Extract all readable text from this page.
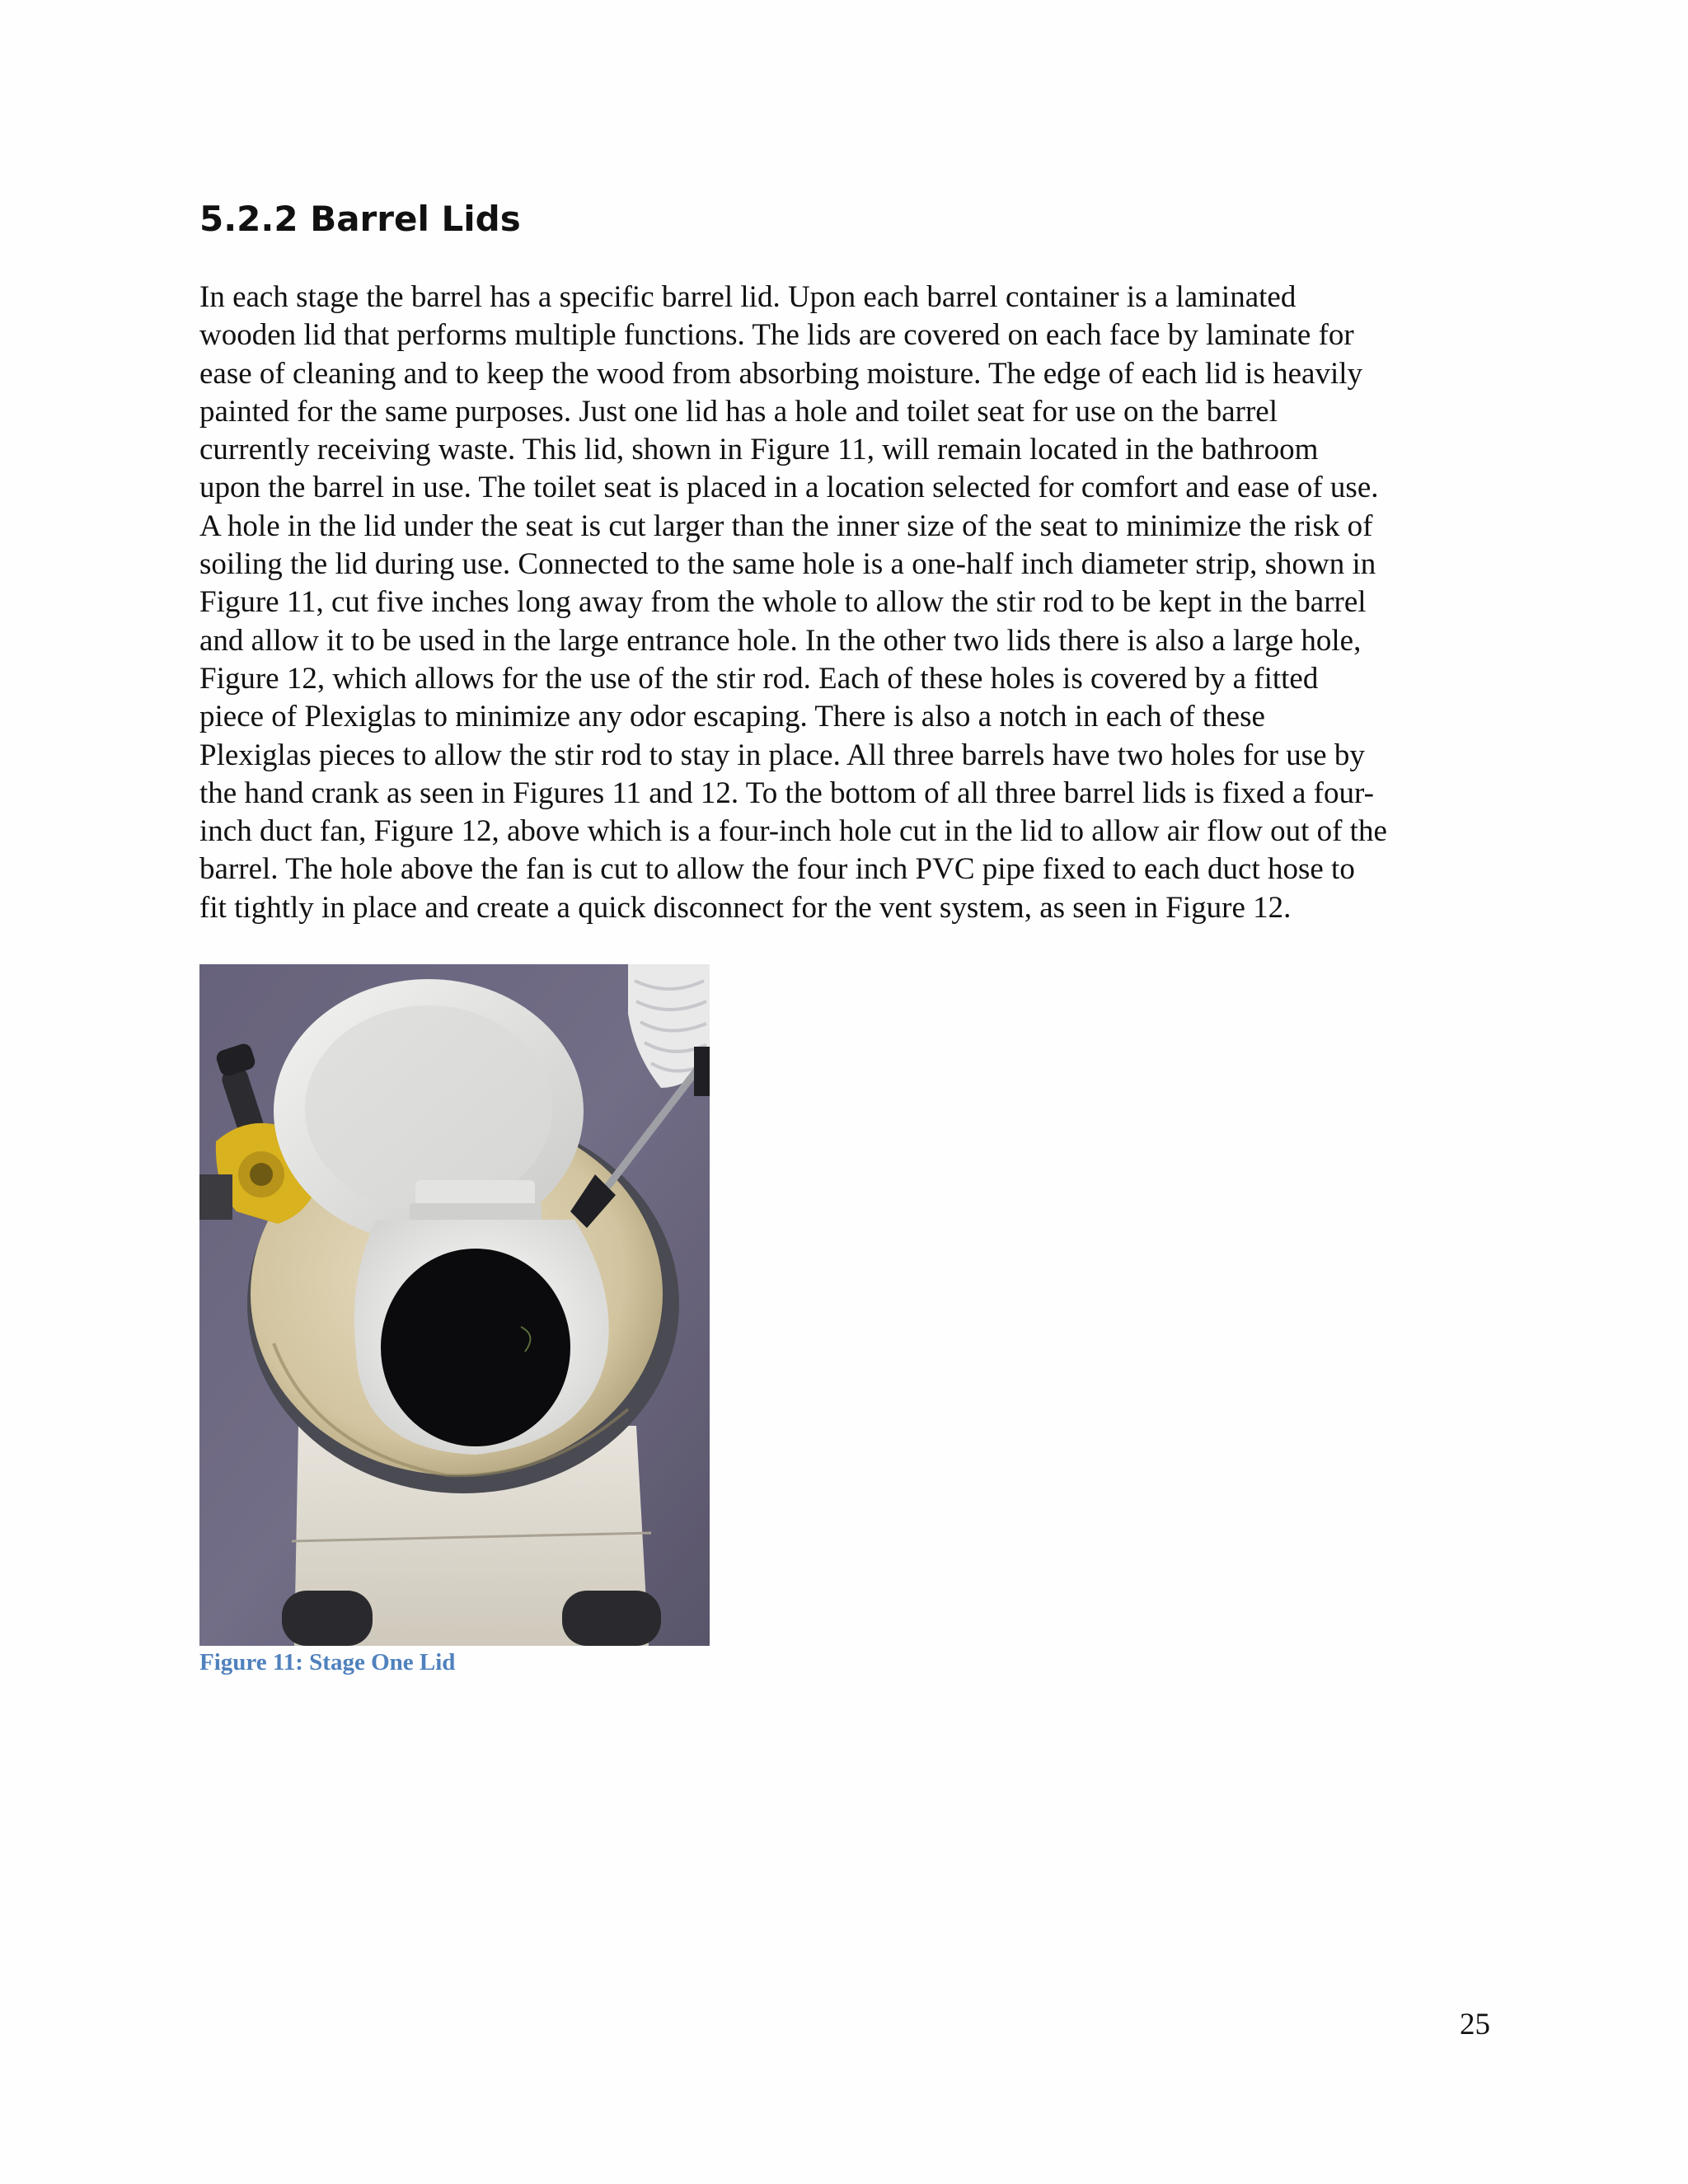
5.2.2 Barrel Lids
In each stage the barrel has a specific barrel lid. Upon each barrel container is a laminated
wooden lid that performs multiple functions. The lids are covered on each face by laminate for
ease of cleaning and to keep the wood from absorbing moisture. The edge of each lid is heavily
painted for the same purposes. Just one lid has a hole and toilet seat for use on the barrel
currently receiving waste. This lid, shown in Figure 11, will remain located in the bathroom
upon the barrel in use. The toilet seat is placed in a location selected for comfort and ease of use.
A hole in the lid under the seat is cut larger than the inner size of the seat to minimize the risk of
soiling the lid during use. Connected to the same hole is a one-half inch diameter strip, shown in
Figure 11, cut five inches long away from the whole to allow the stir rod to be kept in the barrel
and allow it to be used in the large entrance hole. In the other two lids there is also a large hole,
Figure 12, which allows for the use of the stir rod. Each of these holes is covered by a fitted
piece of Plexiglas to minimize any odor escaping. There is also a notch in each of these
Plexiglas pieces to allow the stir rod to stay in place. All three barrels have two holes for use by
the hand crank as seen in Figures 11 and 12. To the bottom of all three barrel lids is fixed a four-
inch duct fan, Figure 12, above which is a four-inch hole cut in the lid to allow air flow out of the
barrel. The hole above the fan is cut to allow the four inch PVC pipe fixed to each duct hose to
fit tightly in place and create a quick disconnect for the vent system, as seen in Figure 12.

Figure 11: Stage One Lid

25
